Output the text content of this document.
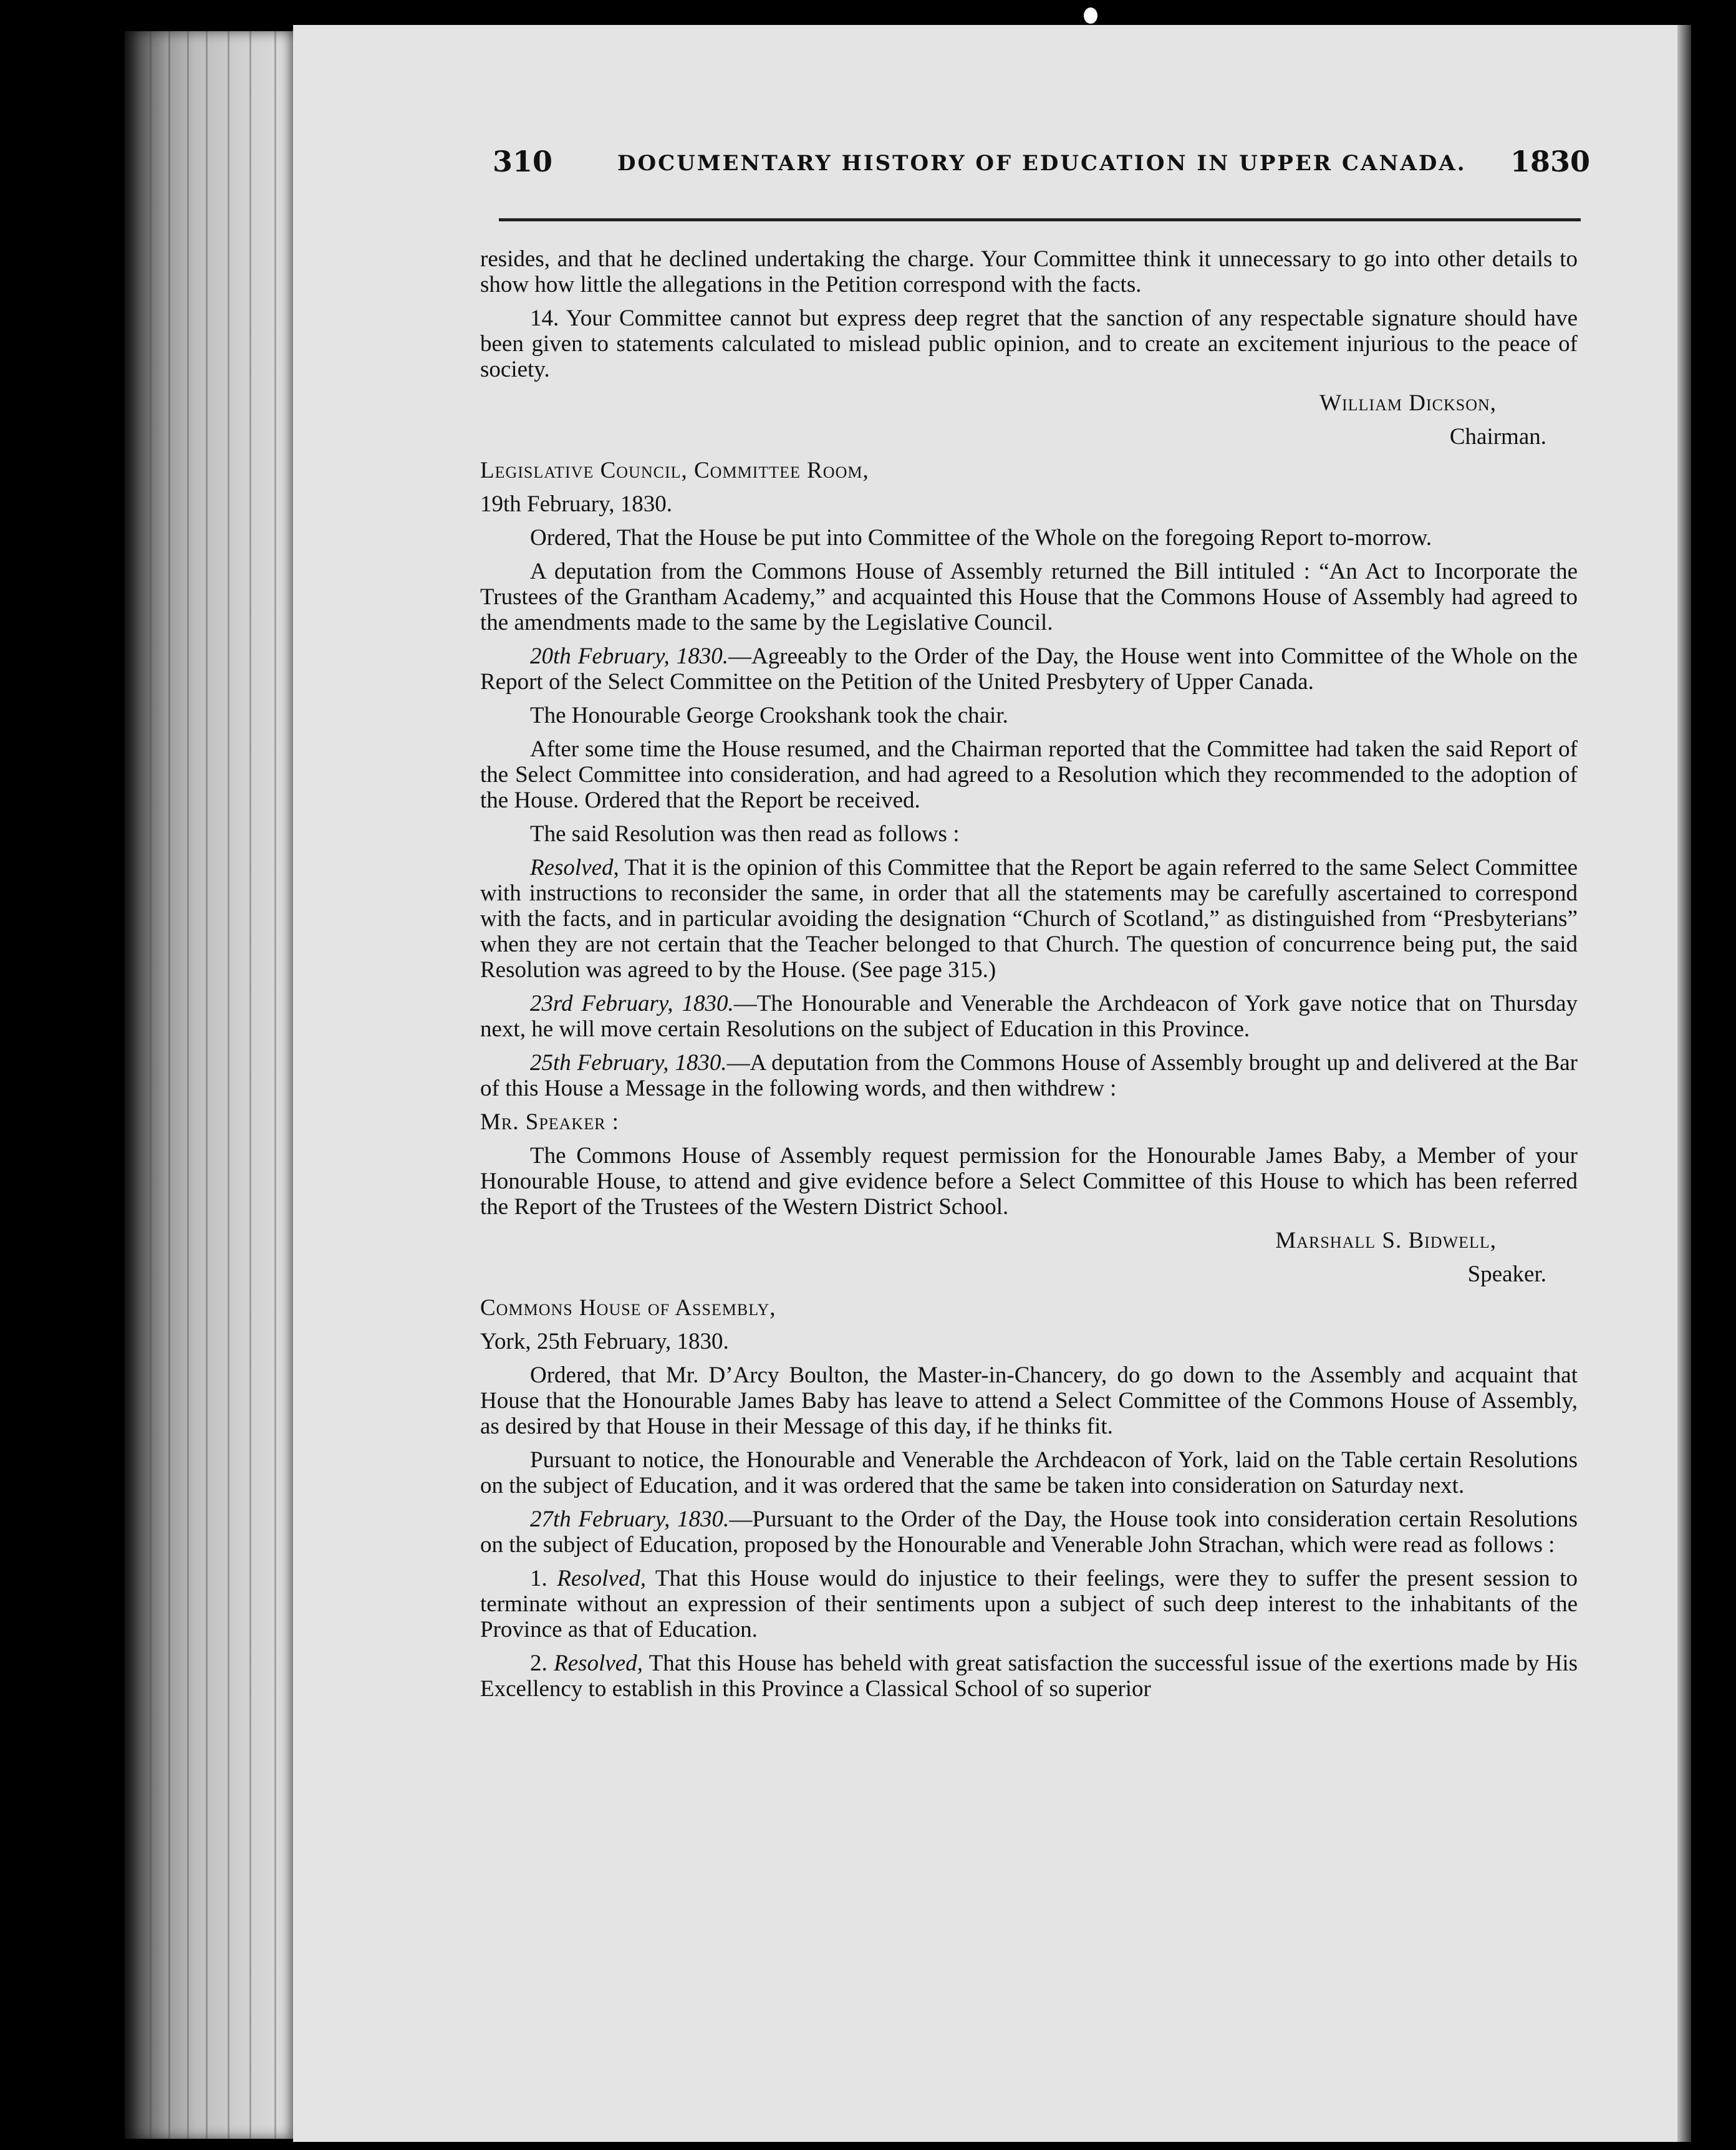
310	DOCUMENTARY HISTORY OF EDUCATION IN UPPER CANADA. 1830

resides, and that he declined undertaking the charge. Your Committee think it unnecessary to go into other details to show how little the allegations in the Petition correspond with the facts.

14. Your Committee cannot but express deep regret that the sanction of any respectable signature should have been given to statements calculated to mislead public opinion, and to create an excitement injurious to the peace of society.

William Dickson,

Chairman.

Legislative Council, Committee Room,

19th February, 1830.

Ordered, That the House be put into Committee of the Whole on the foregoing Report to-morrow.

A deputation from the Commons House of Assembly returned the Bill intituled : “An Act to Incorporate the Trustees of the Grantham Academy,” and acquainted this House that the Commons House of Assembly had agreed to the amendments made to the same by the Legislative Council.

20th February, 1830.—Agreeably to the Order of the Day, the House went into Committee of the Whole on the Report of the Select Committee on the Petition of the United Presbytery of Upper Canada.

The Honourable George Crookshank took the chair.

After some time the House resumed, and the Chairman reported that the Committee had taken the said Report of the Select Committee into consideration, and had agreed to a Resolution which they recommended to the adoption of the House. Ordered that the Report be received.

The said Resolution was then read as follows :

Resolved, That it is the opinion of this Committee that the Report be again referred to the same Select Committee with instructions to reconsider the same, in order that all the statements may be carefully ascertained to correspond with the facts, and in particular avoiding the designation “Church of Scotland,” as distinguished from “Presbyterians” when they are not certain that the Teacher belonged to that Church. The question of concurrence being put, the said Resolution was agreed to by the House. (See page 315.)

23rd February, 1830.—The Honourable and Venerable the Archdeacon of York gave notice that on Thursday next, he will move certain Resolutions on the subject of Education in this Province.

25th February, 1830.—A deputation from the Commons House of Assembly brought up and delivered at the Bar of this House a Message in the following words, and then withdrew :

Mr. Speaker :

The Commons House of Assembly request permission for the Honourable James Baby, a Member of your Honourable House, to attend and give evidence before a Select Committee of this House to which has been referred the Report of the Trustees of the Western District School.

Marshall S. Bidwell,

Speaker.

Commons House of Assembly,

York, 25th February, 1830.

Ordered, that Mr. D’Arcy Boulton, the Master-in-Chancery, do go down to the Assembly and acquaint that House that the Honourable James Baby has leave to attend a Select Committee of the Commons House of Assembly, as desired by that House in their Message of this day, if he thinks fit.

Pursuant to notice, the Honourable and Venerable the Archdeacon of York, laid on the Table certain Resolutions on the subject of Education, and it was ordered that the same be taken into consideration on Saturday next.

27th February, 1830.—Pursuant to the Order of the Day, the House took into consideration certain Resolutions on the subject of Education, proposed by the Honourable and Venerable John Strachan, which were read as follows :

1. Resolved, That this House would do injustice to their feelings, were they to suffer the present session to terminate without an expression of their sentiments upon a subject of such deep interest to the inhabitants of the Province as that of Education.

2. Resolved, That this House has beheld with great satisfaction the successful issue of the exertions made by His Excellency to establish in this Province a Classical School of so superior
